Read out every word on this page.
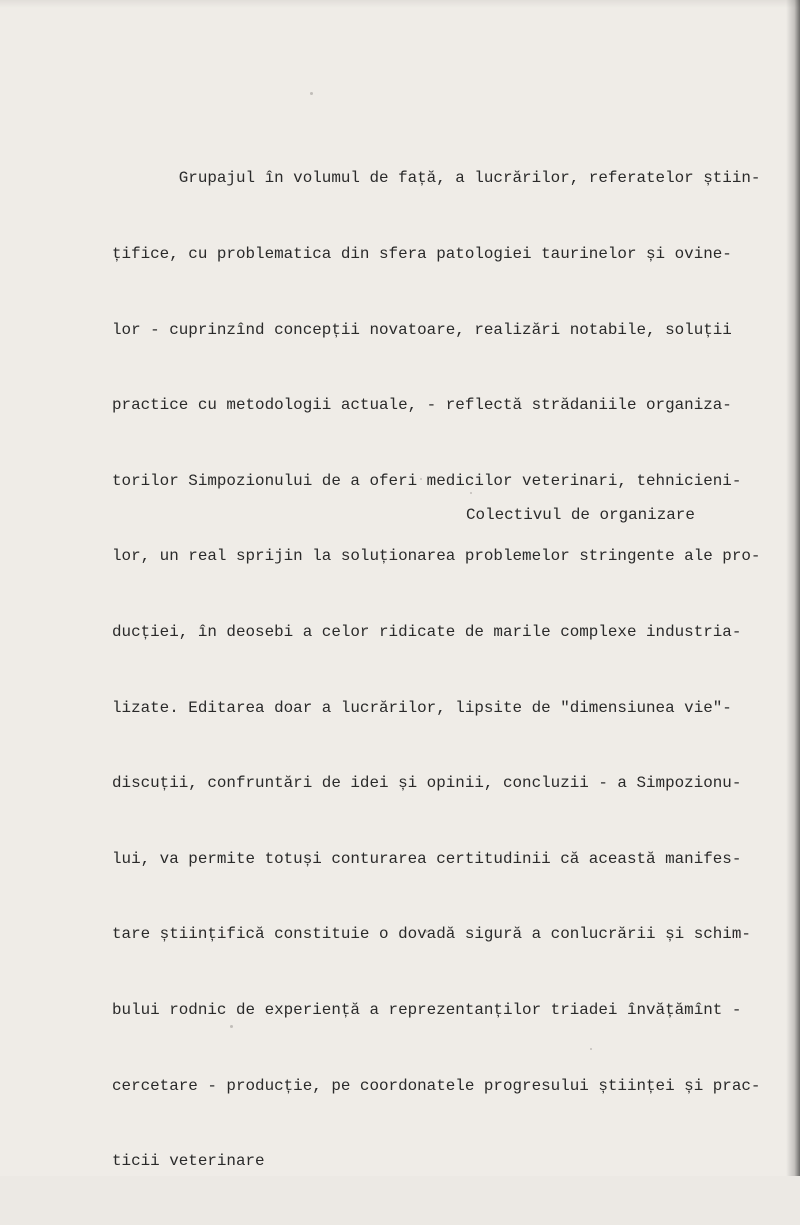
Grupajul în volumul de față, a lucrărilor, referatelor știin-

țifice, cu problematica din sfera patologiei taurinelor și ovine-

lor - cuprinzînd concepții novatoare, realizări notabile, soluții

practice cu metodologii actuale, - reflectă strădaniile organiza-

torilor Simpozionului de a oferi medicilor veterinari, tehnicieni-

lor, un real sprijin la soluționarea problemelor stringente ale pro-

ducției, în deosebi a celor ridicate de marile complexe industria-

lizate. Editarea doar a lucrărilor, lipsite de "dimensiunea vie"-

discuții, confruntări de idei și opinii, concluzii - a Simpozionu-

lui, va permite totuși conturarea certitudinii că această manifes-

tare științifică constituie o dovadă sigură a conlucrării și schim-

bului rodnic de experiență a reprezentanților triadei învățămînt -

cercetare - producție, pe coordonatele progresului științei și prac-

ticii veterinare

Colectivul de organizare
